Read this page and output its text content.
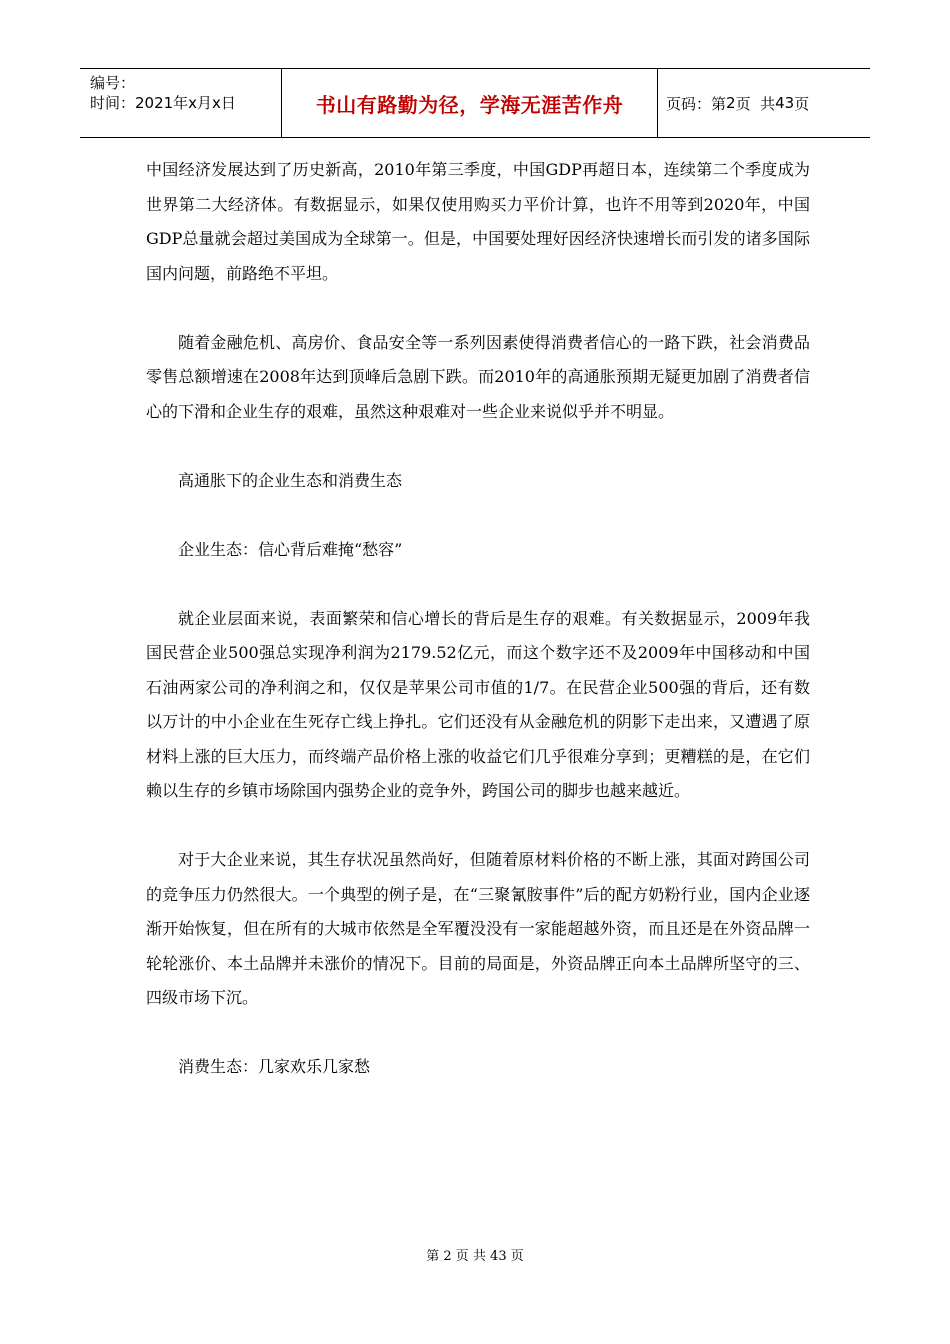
编号：
时间：2021年x月x日	书山有路勤为径，学海无涯苦作舟	页码：第 2 页  共 43 页

中国经济发展达到了历史新高，2010年第三季度，中国GDP再超日本，连续第二个季度成为世界第二大经济体。有数据显示，如果仅使用购买力平价计算，也许不用等到2020年，中国GDP总量就会超过美国成为全球第一。但是，中国要处理好因经济快速增长而引发的诸多国际国内问题，前路绝不平坦。

随着金融危机、高房价、食品安全等一系列因素使得消费者信心的一路下跌，社会消费品零售总额增速在2008年达到顶峰后急剧下跌。而2010年的高通胀预期无疑更加剧了消费者信心的下滑和企业生存的艰难，虽然这种艰难对一些企业来说似乎并不明显。

高通胀下的企业生态和消费生态

企业生态：信心背后难掩“愁容”

就企业层面来说，表面繁荣和信心增长的背后是生存的艰难。有关数据显示，2009年我国民营企业500强总实现净利润为2179.52亿元，而这个数字还不及2009年中国移动和中国石油两家公司的净利润之和，仅仅是苹果公司市值的1/7。在民营企业500强的背后，还有数以万计的中小企业在生死存亡线上挣扎。它们还没有从金融危机的阴影下走出来，又遭遇了原材料上涨的巨大压力，而终端产品价格上涨的收益它们几乎很难分享到；更糟糕的是，在它们赖以生存的乡镇市场除国内强势企业的竞争外，跨国公司的脚步也越来越近。

对于大企业来说，其生存状况虽然尚好，但随着原材料价格的不断上涨，其面对跨国公司的竞争压力仍然很大。一个典型的例子是，在“三聚氰胺事件”后的配方奶粉行业，国内企业逐渐开始恢复，但在所有的大城市依然是全军覆没没有一家能超越外资，而且还是在外资品牌一轮轮涨价、本土品牌并未涨价的情况下。目前的局面是，外资品牌正向本土品牌所坚守的三、四级市场下沉。

消费生态：几家欢乐几家愁

第 2 页 共 43 页
